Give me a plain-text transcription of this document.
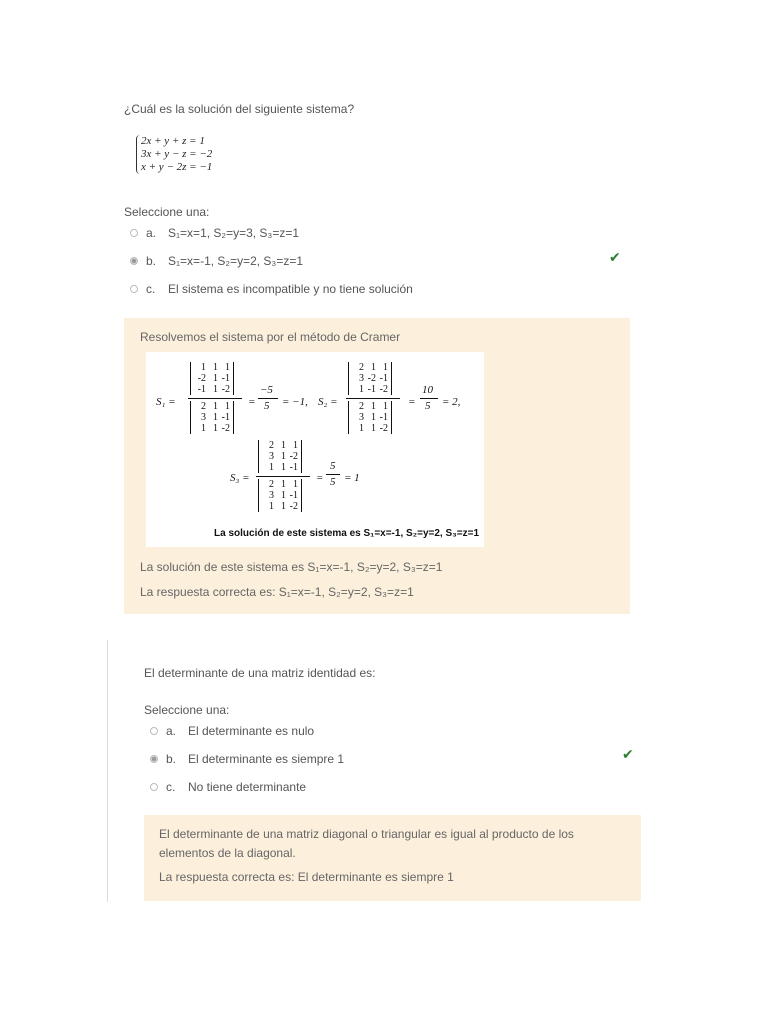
¿Cuál es la solución del siguiente sistema?
2x + y + z = 1
3x + y − z = −2
x + y − 2z = −1
Seleccione una:
a. S₁=x=1, S₂=y=3, S₃=z=1
b. S₁=x=-1, S₂=y=2, S₃=z=1
c.	El sistema es incompatible y no tiene solución
✔
Resolvemos el sistema por el método de Cramer
S₁ =
1 1 1
-2 1 -1
-1 1 -2
2 1 1
3 1 -1
1 1 -2
=
−5
5 = −1, S₂ =
2 1 1
3 -2 -1
1 -1 -2
2 1 1
3 1 -1
1 1 -2
=
10
5 = 2,
S₃ =
2 1 1
3 1 -2
1 1 -1
2 1 1
3 1 -1
1 1 -2
=
5
5 = 1
La solución de este sistema es S₁=x=-1, S₂=y=2, S₃=z=1
La solución de este sistema es S₁=x=-1, S₂=y=2, S₃=z=1
La respuesta correcta es: S₁=x=-1, S₂=y=2, S₃=z=1
El determinante de una matriz identidad es:
Seleccione una:
a. El determinante es nulo
b. El determinante es siempre 1
c.	No tiene determinante
✔
El determinante de una matriz diagonal o triangular es igual al producto de los elementos de la diagonal.
La respuesta correcta es: El determinante es siempre 1
